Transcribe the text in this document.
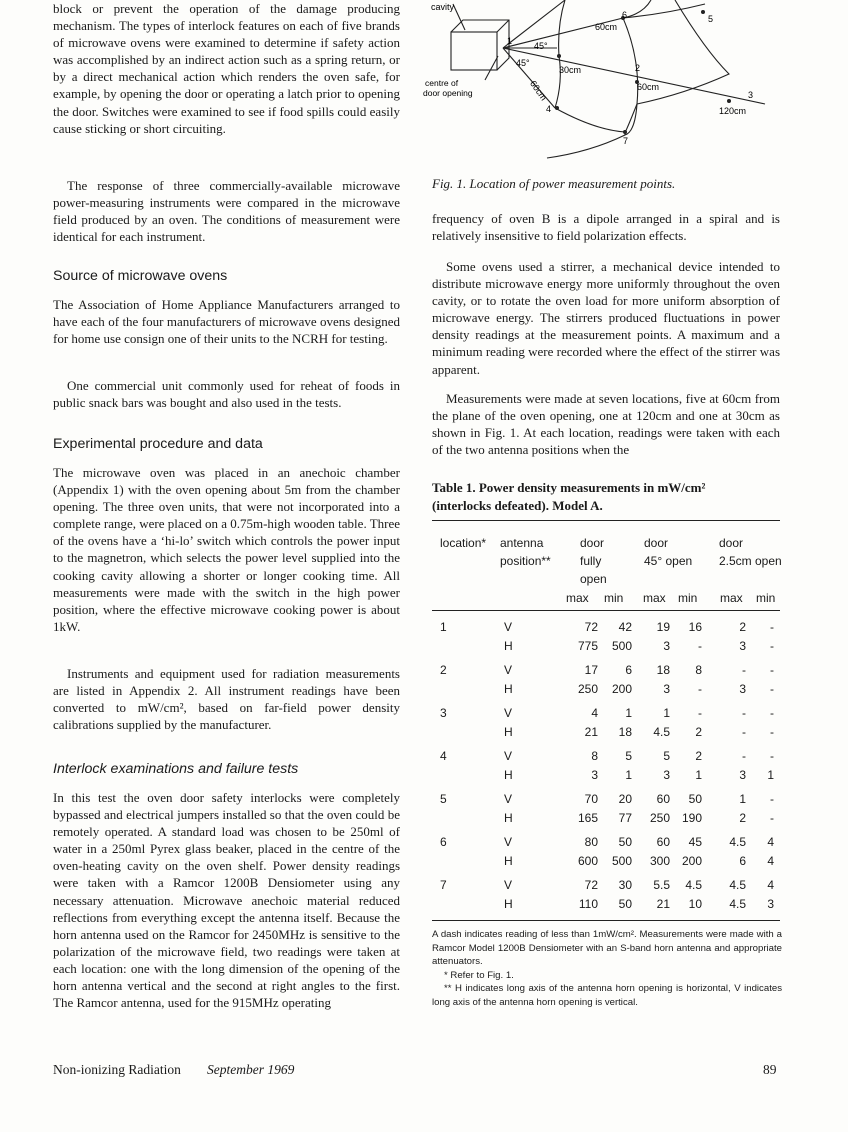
block or prevent the operation of the damage producing mechanism. The types of interlock features on each of five brands of microwave ovens were examined to determine if safety action was accomplished by an indirect action such as a spring return, or by a direct mechanical action which renders the oven safe, for example, by opening the door or operating a latch prior to opening the door. Switches were examined to see if food spills could easily cause sticking or short circuiting.

The response of three commercially-available microwave power-measuring instruments were compared in the microwave field produced by an oven. The conditions of measurement were identical for each instrument.

Source of microwave ovens

The Association of Home Appliance Manufacturers arranged to have each of the four manufacturers of microwave ovens designed for home use consign one of their units to the NCRH for testing.

One commercial unit commonly used for reheat of foods in public snack bars was bought and also used in the tests.

Experimental procedure and data

The microwave oven was placed in an anechoic chamber (Appendix 1) with the oven opening about 5m from the chamber opening. The three oven units, that were not incorporated into a complete range, were placed on a 0.75m-high wooden table. Three of the ovens have a ‘hi-lo’ switch which controls the power input to the magnetron, which selects the power level supplied into the cooking cavity allowing a shorter or longer cooking time. All measurements were made with the switch in the high power position, where the effective microwave cooking power is about 1kW.

Instruments and equipment used for radiation measurements are listed in Appendix 2. All instrument readings have been converted to mW/cm², based on far-field power density calibrations supplied by the manufacturer.

Interlock examinations and failure tests

In this test the oven door safety interlocks were completely bypassed and electrical jumpers installed so that the oven could be remotely operated. A standard load was chosen to be 250ml of water in a 250ml Pyrex glass beaker, placed in the centre of the oven-heating cavity on the oven shelf. Power density readings were taken with a Ramcor 1200B Densiometer using any necessary attenuation. Microwave anechoic material reduced reflections from everything except the antenna itself. Because the horn antenna used on the Ramcor for 2450MHz is sensitive to the polarization of the microwave field, two readings were taken at each location: one with the long dimension of the opening of the horn antenna vertical and the second at right angles to the first. The Ramcor antenna, used for the 915MHz operating

cavity
centre of
door opening
60cm
45°
45°
30cm
60cm
60cm
120cm
1
2
3
4
5
6
7
Fig. 1. Location of power measurement points.

frequency of oven B is a dipole arranged in a spiral and is relatively insensitive to field polarization effects.

Some ovens used a stirrer, a mechanical device intended to distribute microwave energy more uniformly throughout the oven cavity, or to rotate the oven load for more uniform absorption of microwave energy. The stirrers produced fluctuations in power density readings at the measurement points. A maximum and a minimum reading were recorded where the effect of the stirrer was apparent.

Measurements were made at seven locations, five at 60cm from the plane of the oven opening, one at 120cm and one at 30cm as shown in Fig. 1. At each location, readings were taken with each of the two antenna positions when the

Table 1. Power density measurements in mW/cm²
(interlocks defeated). Model A.
location* antenna
position**
door
fully
open
door
45° open
door
2.5cm open
max min max min max min
1	V	72 42 19 16	2 -
H	775 500	3 -	3 -
2	V	17 6 18 8	- -
H	250 200	3 -	3 -
3	V	4 1	1 -	- -
H	21 18 4.5 2	- -
4	V	8 5	5 2	- -
H	3 1	3 1	3 1
5	V	70 20 60 50	1 -
H	165 77 250 190	2 -
6	V	80 50 60 45 4.5 4
H	600 500 300 200	6 4
7	V	72 30 5.5 4.5 4.5 4
H	110 50 21 10 4.5 3

A dash indicates reading of less than 1mW/cm². Measurements were made with a Ramcor Model 1200B Densiometer with an S-band horn antenna and appropriate attenuators.

* Refer to Fig. 1.

** H indicates long axis of the antenna horn opening is horizontal, V indicates long axis of the antenna horn opening is vertical.

Non-ionizing Radiation September 1969	89
